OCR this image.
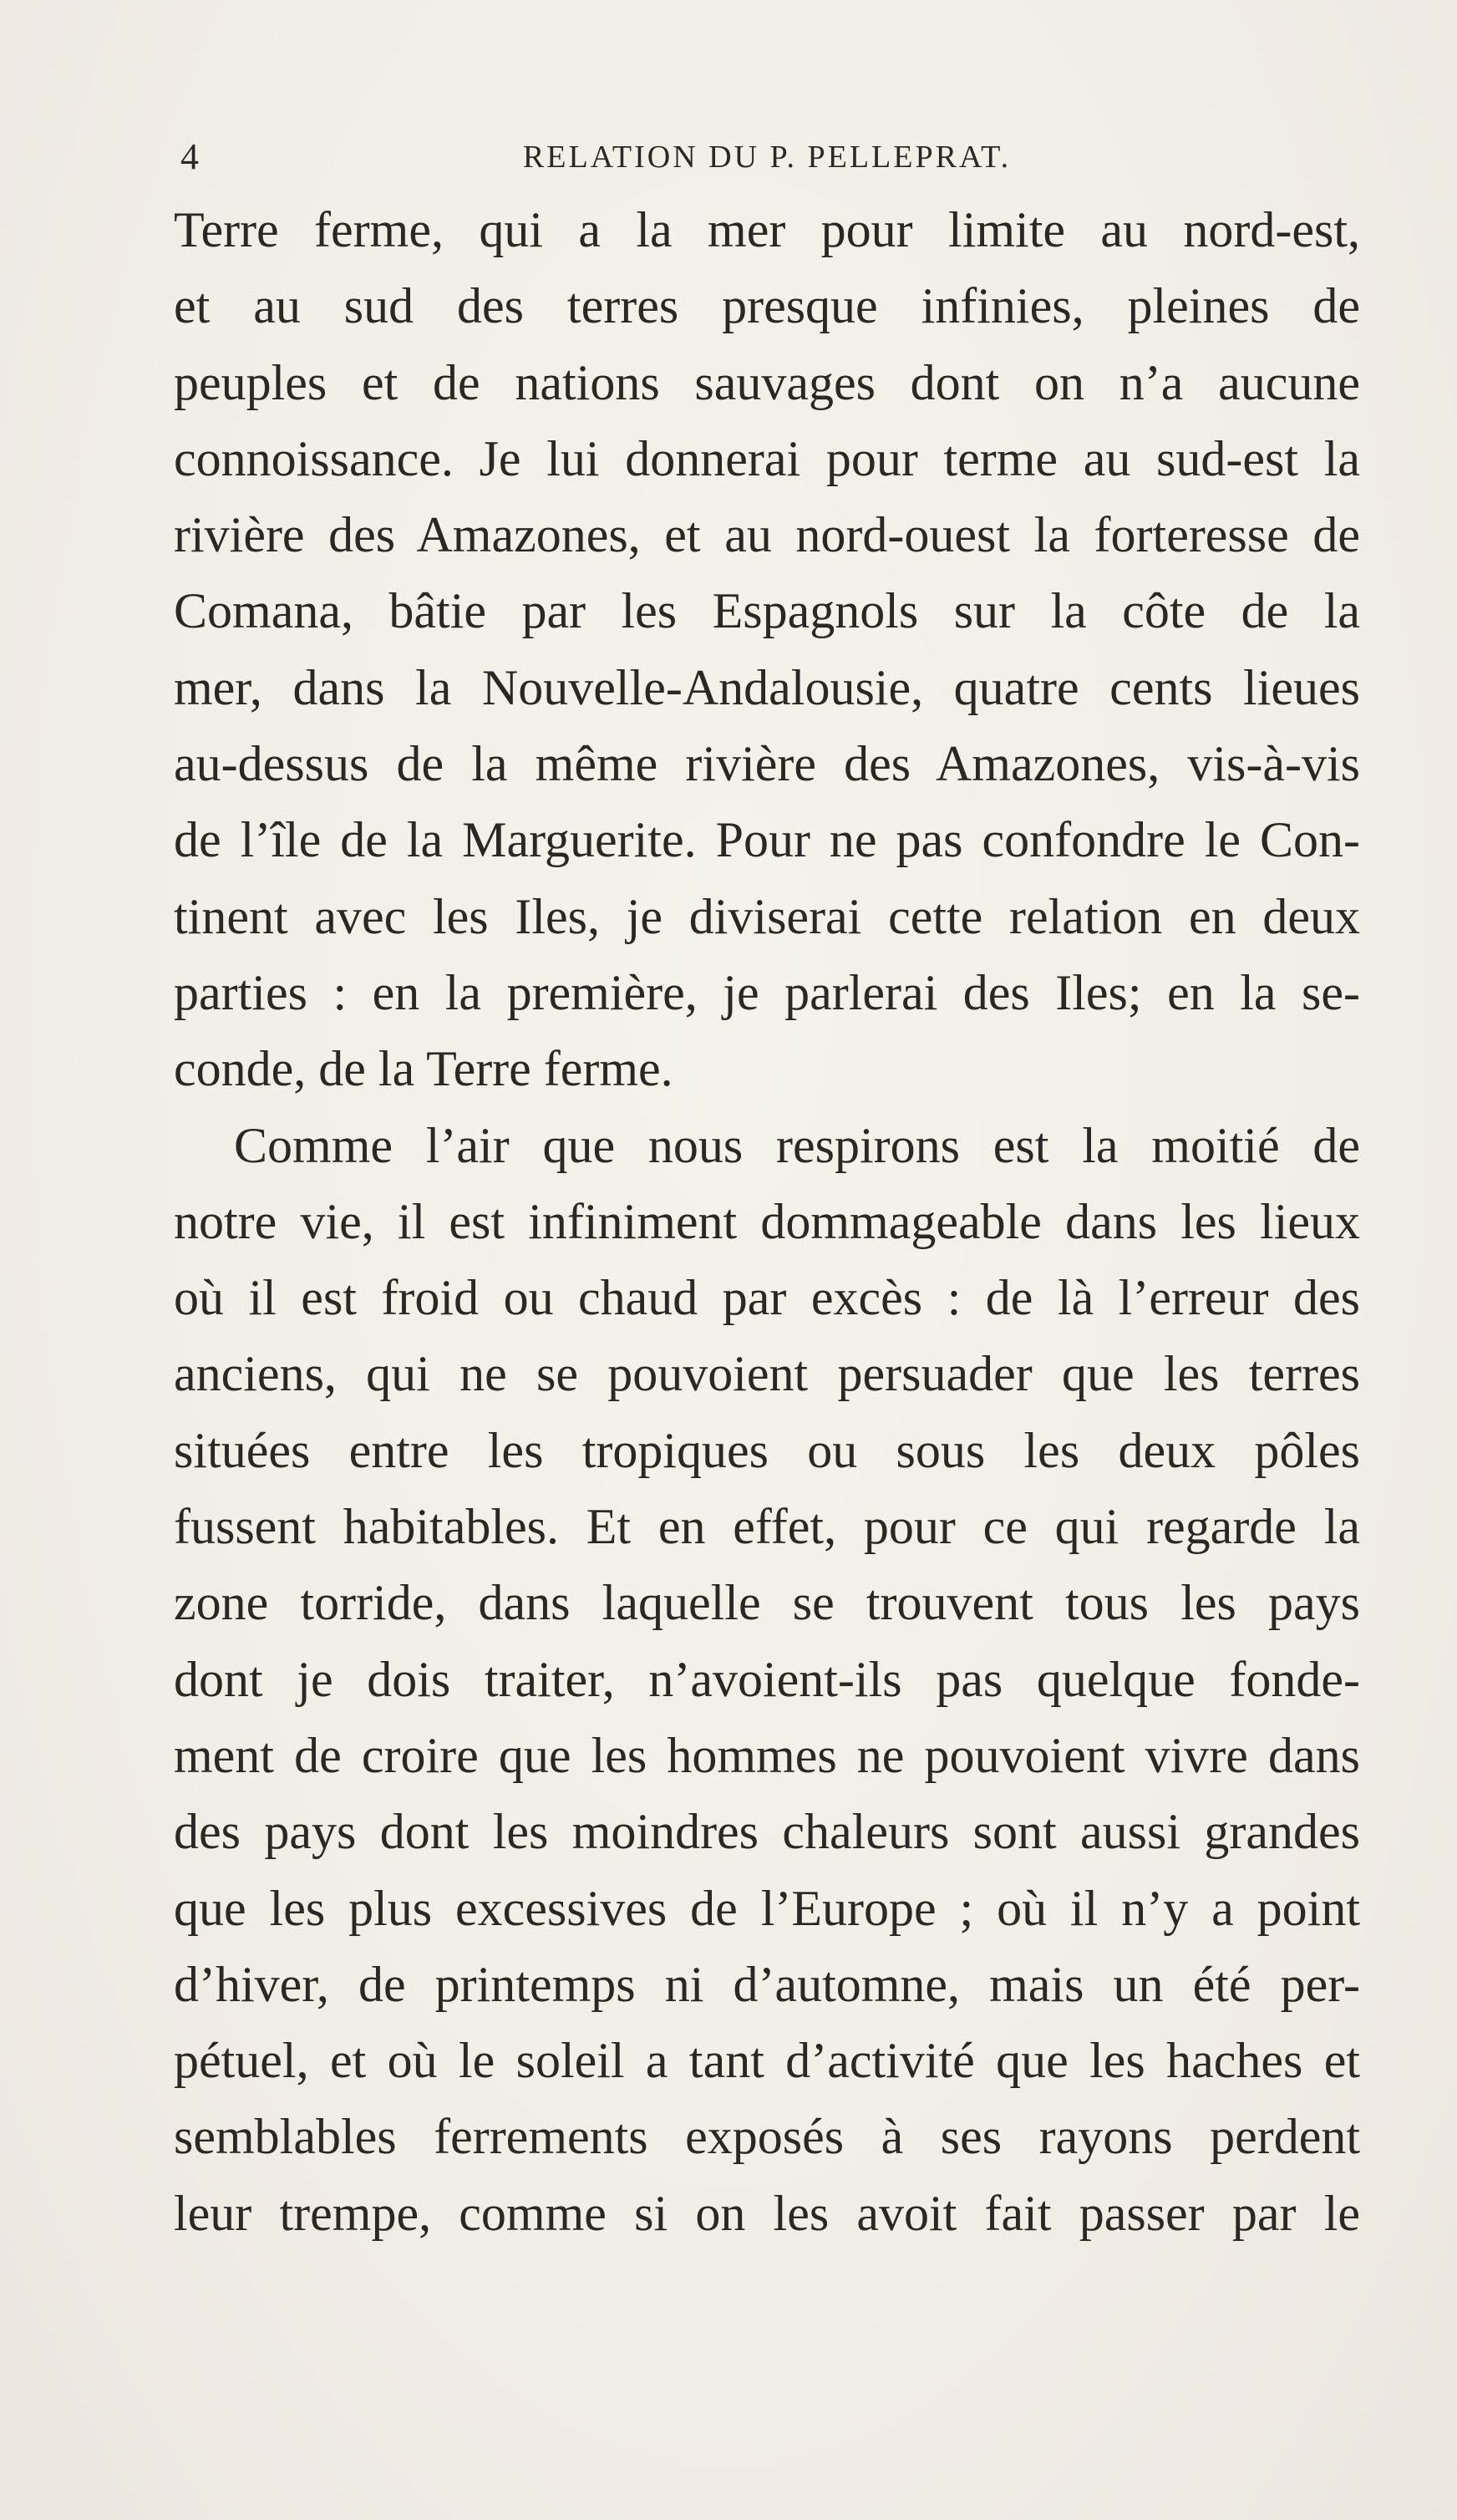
4	RELATION DU P. PELLEPRAT.
Terre ferme, qui a la mer pour limite au nord-est,
et au sud des terres presque infinies, pleines de
peuples et de nations sauvages dont on n’a aucune
connoissance. Je lui donnerai pour terme au sud-est la
rivière des Amazones, et au nord-ouest la forteresse de
Comana, bâtie par les Espagnols sur la côte de la
mer, dans la Nouvelle-Andalousie, quatre cents lieues
au-dessus de la même rivière des Amazones, vis-à-vis
de l’île de la Marguerite. Pour ne pas confondre le Con-
tinent avec les Iles, je diviserai cette relation en deux
parties : en la première, je parlerai des Iles; en la se-
conde, de la Terre ferme.
Comme l’air que nous respirons est la moitié de
notre vie, il est infiniment dommageable dans les lieux
où il est froid ou chaud par excès : de là l’erreur des
anciens, qui ne se pouvoient persuader que les terres
situées entre les tropiques ou sous les deux pôles
fussent habitables. Et en effet, pour ce qui regarde la
zone torride, dans laquelle se trouvent tous les pays
dont je dois traiter, n’avoient-ils pas quelque fonde-
ment de croire que les hommes ne pouvoient vivre dans
des pays dont les moindres chaleurs sont aussi grandes
que les plus excessives de l’Europe ; où il n’y a point
d’hiver, de printemps ni d’automne, mais un été per-
pétuel, et où le soleil a tant d’activité que les haches et
semblables ferrements exposés à ses rayons perdent
leur trempe, comme si on les avoit fait passer par le
